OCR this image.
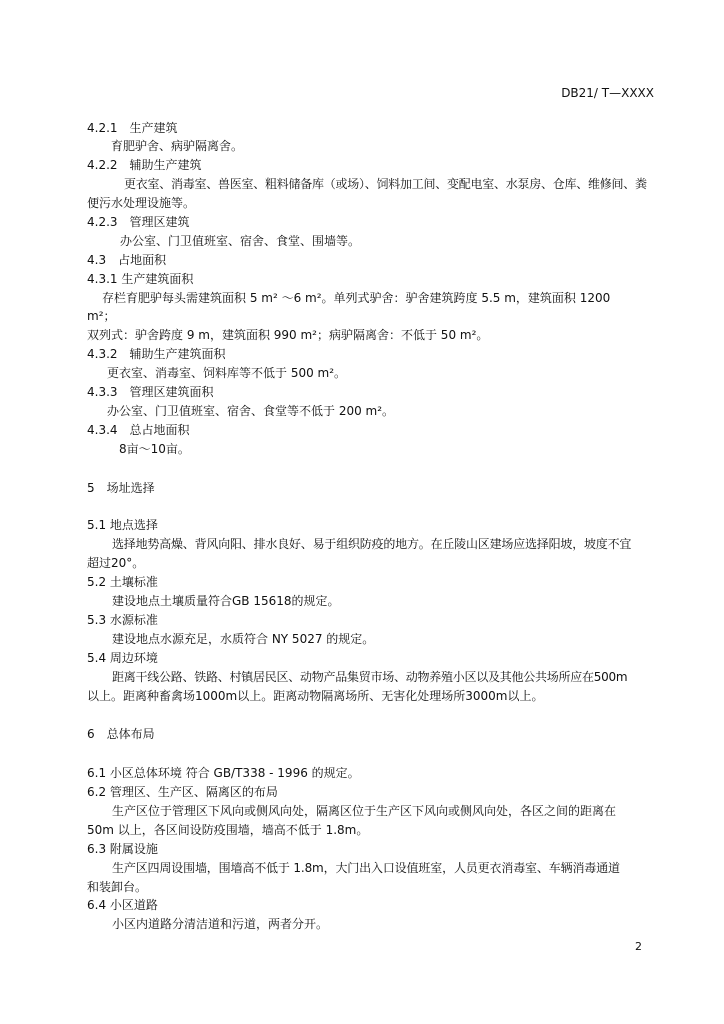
DB21/ T—XXXX
4.2.1　生产建筑
育肥驴舍、病驴隔离舍。
4.2.2　辅助生产建筑
更衣室、消毒室、兽医室、粗料储备库（或场）、饲料加工间、变配电室、水泵房、仓库、维修间、粪
便污水处理设施等。
4.2.3　管理区建筑
办公室、门卫值班室、宿舍、食堂、围墙等。
4.3　占地面积
4.3.1 生产建筑面积
存栏育肥驴每头需建筑面积 5 m² ～6 m²。单列式驴舍：驴舍建筑跨度 5.5 m，建筑面积 1200
m²；
双列式：驴舍跨度 9 m，建筑面积 990 m²；病驴隔离舍：不低于 50 m²。
4.3.2　辅助生产建筑面积
更衣室、消毒室、饲料库等不低于 500 m²。
4.3.3　管理区建筑面积
办公室、门卫值班室、宿舍、食堂等不低于 200 m²。
4.3.4　总占地面积
8亩～10亩。
5　场址选择
5.1 地点选择
选择地势高燥、背风向阳、排水良好、易于组织防疫的地方。在丘陵山区建场应选择阳坡，坡度不宜
超过20°。
5.2 土壤标准
建设地点土壤质量符合GB 15618的规定。
5.3 水源标准
建设地点水源充足，水质符合 NY 5027 的规定。
5.4 周边环境
距离干线公路、铁路、村镇居民区、动物产品集贸市场、动物养殖小区以及其他公共场所应在500m
以上。距离种畜禽场1000m以上。距离动物隔离场所、无害化处理场所3000m以上。
6　总体布局
6.1 小区总体环境 符合 GB/T338 - 1996 的规定。
6.2 管理区、生产区、隔离区的布局
生产区位于管理区下风向或侧风向处，隔离区位于生产区下风向或侧风向处，各区之间的距离在
50m 以上，各区间设防疫围墙，墙高不低于 1.8m。
6.3 附属设施
生产区四周设围墙，围墙高不低于 1.8m，大门出入口设值班室，人员更衣消毒室、车辆消毒通道
和装卸台。
6.4 小区道路
小区内道路分清洁道和污道，两者分开。
2
